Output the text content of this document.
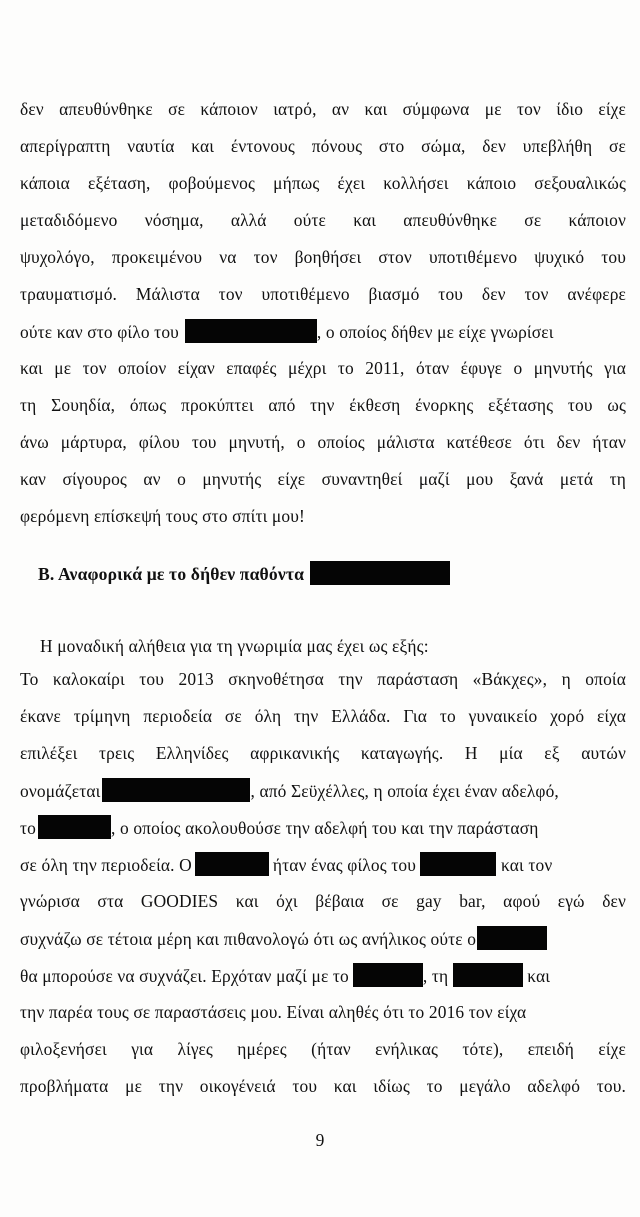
δεν απευθύνθηκε σε κάποιον ιατρό, αν και σύμφωνα με τον ίδιο είχε
απερίγραπτη ναυτία και έντονους πόνους στο σώμα, δεν υπεβλήθη σε
κάποια εξέταση, φοβούμενος μήπως έχει κολλήσει κάποιο σεξουαλικώς
μεταδιδόμενο νόσημα, αλλά ούτε και απευθύνθηκε σε κάποιον
ψυχολόγο, προκειμένου να τον βοηθήσει στον υποτιθέμενο ψυχικό του
τραυματισμό. Μάλιστα τον υποτιθέμενο βιασμό του δεν τον ανέφερε
ούτε καν στο φίλο του	, ο οποίος δήθεν με είχε γνωρίσει
και με τον οποίον είχαν επαφές μέχρι το 2011, όταν έφυγε ο μηνυτής για
τη Σουηδία, όπως προκύπτει από την έκθεση ένορκης εξέτασης του ως
άνω μάρτυρα, φίλου του μηνυτή, ο οποίος μάλιστα κατέθεσε ότι δεν ήταν
καν σίγουρος αν ο μηνυτής είχε συναντηθεί μαζί μου ξανά μετά τη
φερόμενη επίσκεψή τους στο σπίτι μου!
Β. Αναφορικά με το δήθεν παθόντα
Η μοναδική αλήθεια για τη γνωριμία μας έχει ως εξής:
Το καλοκαίρι του 2013 σκηνοθέτησα την παράσταση «Βάκχες», η οποία
έκανε τρίμηνη περιοδεία σε όλη την Ελλάδα. Για το γυναικείο χορό είχα
επιλέξει τρεις Ελληνίδες αφρικανικής καταγωγής. Η μία εξ αυτών
ονομάζεται	, από Σεϋχέλλες, η οποία έχει έναν αδελφό,
το	, ο οποίος ακολουθούσε την αδελφή του και την παράσταση
σε όλη την περιοδεία. Ο	ήταν ένας φίλος του	και τον
γνώρισα στα GOODIES και όχι βέβαια σε gay bar, αφού εγώ δεν
συχνάζω σε τέτοια μέρη και πιθανολογώ ότι ως ανήλικος ούτε ο
θα μπορούσε να συχνάζει. Ερχόταν μαζί με το	, τη	και
την παρέα τους σε παραστάσεις μου. Είναι αληθές ότι το 2016 τον είχα
φιλοξενήσει για λίγες ημέρες (ήταν ενήλικας τότε), επειδή είχε
προβλήματα με την οικογένειά του και ιδίως το μεγάλο αδελφό του.
9
